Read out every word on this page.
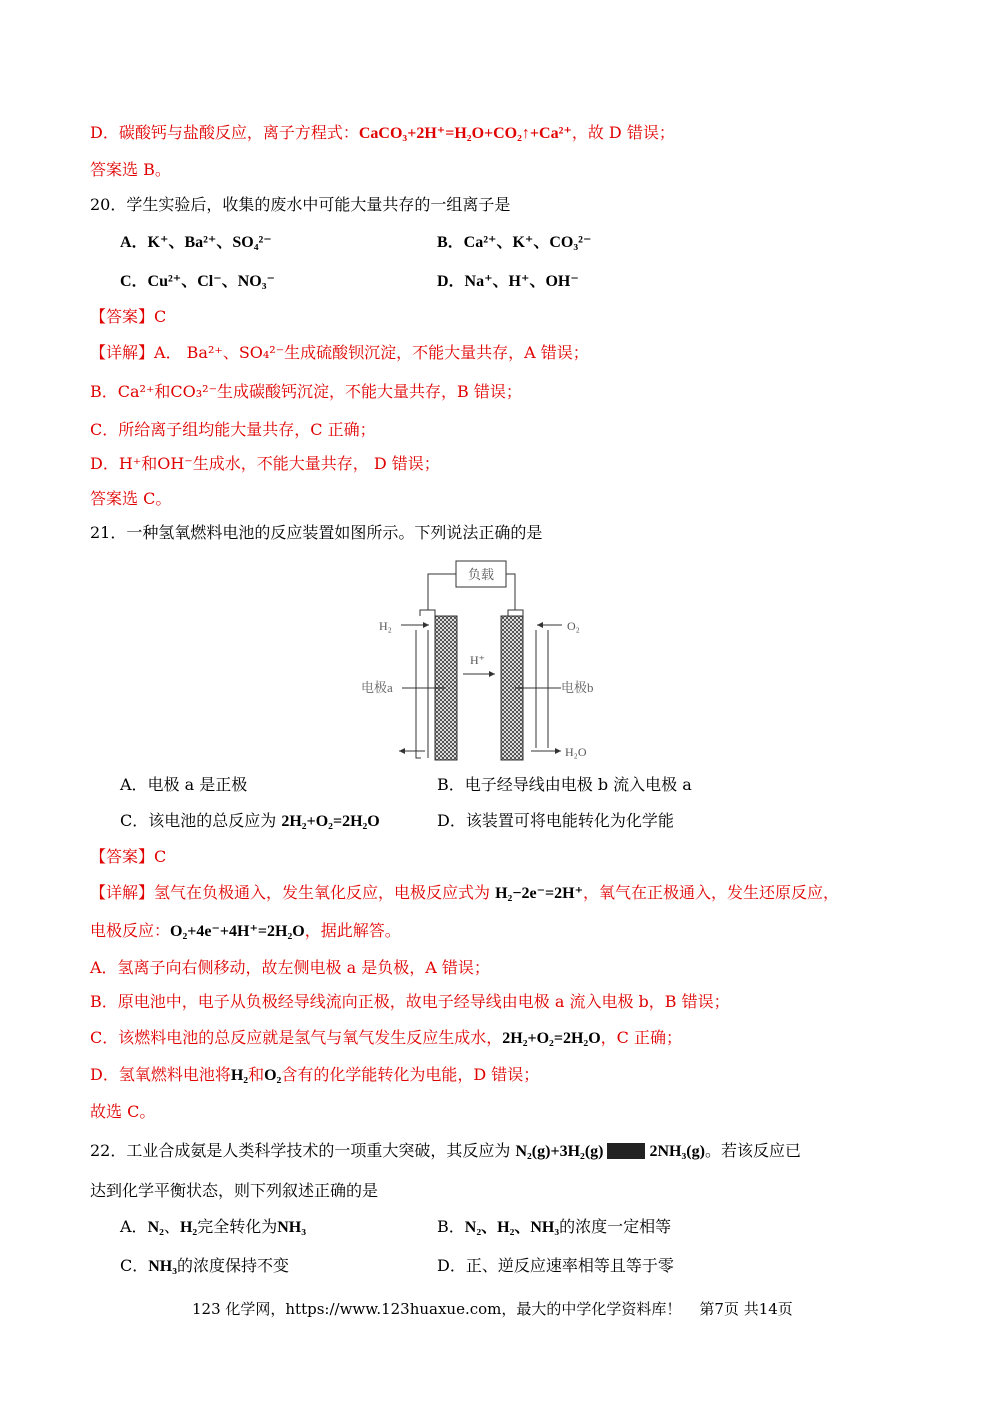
D．碳酸钙与盐酸反应，离子方程式：CaCO₃+2H⁺=H₂O+CO₂↑+Ca²⁺，故 D 错误；
答案选 B。
20．学生实验后，收集的废水中可能大量共存的一组离子是
A．K⁺、Ba²⁺、SO₄²⁻	B．Ca²⁺、K⁺、CO₃²⁻
C．Cu²⁺、Cl⁻、NO₃⁻	D．Na⁺、H⁺、OH⁻
【答案】C
【详解】A． Ba²⁺、SO₄²⁻生成硫酸钡沉淀，不能大量共存，A 错误；
B．Ca²⁺和CO₃²⁻生成碳酸钙沉淀，不能大量共存，B 错误；
C．所给离子组均能大量共存，C 正确；
D．H⁺和OH⁻生成水，不能大量共存， D 错误；
答案选 C。
21．一种氢氧燃料电池的反应装置如图所示。下列说法正确的是
负载
H₂	O₂
H⁺
电极a	电极b
H₂O
A．电极 a 是正极	B．电子经导线由电极 b 流入电极 a
C．该电池的总反应为 2H₂+O₂=2H₂O	D．该装置可将电能转化为化学能
【答案】C
【详解】氢气在负极通入，发生氧化反应，电极反应式为 H₂−2e⁻=2H⁺，氧气在正极通入，发生还原反应，
电极反应：O₂+4e⁻+4H⁺=2H₂O，据此解答。
A．氢离子向右侧移动，故左侧电极 a 是负极，A 错误；
B．原电池中，电子从负极经导线流向正极，故电子经导线由电极 a 流入电极 b，B 错误；
C．该燃料电池的总反应就是氢气与氧气发生反应生成水，2H₂+O₂=2H₂O，C 正确；
D．氢氧燃料电池将H₂和O₂含有的化学能转化为电能，D 错误；
故选 C。
22．工业合成氨是人类科学技术的一项重大突破，其反应为 N₂(g)+3H₂(g)	2NH₃(g)。若该反应已
达到化学平衡状态，则下列叙述正确的是
A．N₂、H₂完全转化为NH₃	B．N₂、H₂、NH₃的浓度一定相等
C．NH₃的浓度保持不变	D．正、逆反应速率相等且等于零
123 化学网，https://www.123huaxue.com，最大的中学化学资料库！ 第7页 共14页
